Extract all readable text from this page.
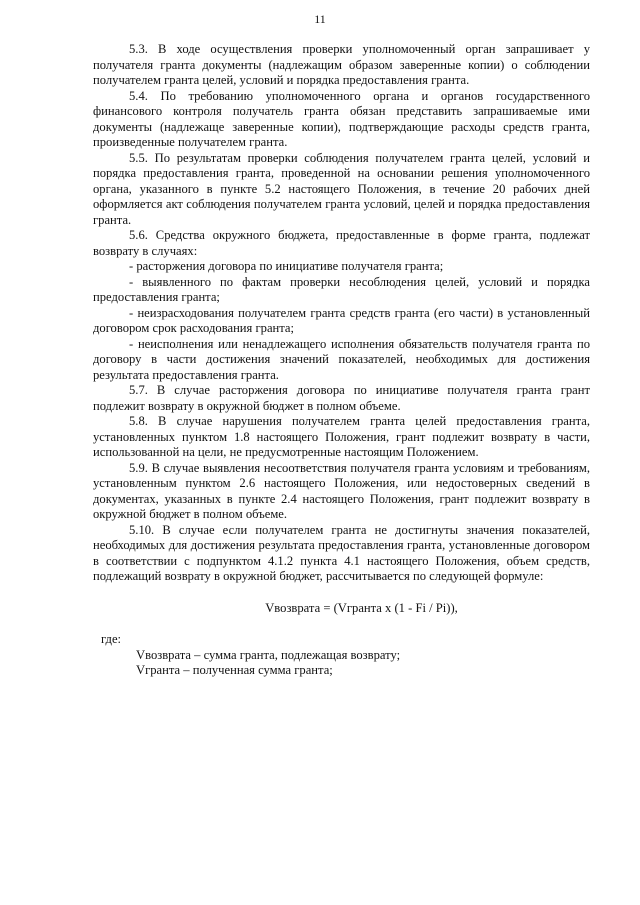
11

5.3. В ходе осуществления проверки уполномоченный орган запрашивает у получателя гранта документы (надлежащим образом заверенные копии) о соблюдении получателем гранта целей, условий и порядка предоставления гранта.

5.4. По требованию уполномоченного органа и органов государственного финансового контроля получатель гранта обязан представить запрашиваемые ими документы (надлежаще заверенные копии), подтверждающие расходы средств гранта, произведенные получателем гранта.

5.5. По результатам проверки соблюдения получателем гранта целей, условий и порядка предоставления гранта, проведенной на основании решения уполномоченного органа, указанного в пункте 5.2 настоящего Положения, в течение 20 рабочих дней оформляется акт соблюдения получателем гранта условий, целей и порядка предоставления гранта.

5.6. Средства окружного бюджета, предоставленные в форме гранта, подлежат возврату в случаях:

- расторжения договора по инициативе получателя гранта;

- выявленного по фактам проверки несоблюдения целей, условий и порядка предоставления гранта;

- неизрасходования получателем гранта средств гранта (его части) в установленный договором срок расходования гранта;

- неисполнения или ненадлежащего исполнения обязательств получателя гранта по договору в части достижения значений показателей, необходимых для достижения результата предоставления гранта.

5.7. В случае расторжения договора по инициативе получателя гранта грант подлежит возврату в окружной бюджет в полном объеме.

5.8. В случае нарушения получателем гранта целей предоставления гранта, установленных пунктом 1.8 настоящего Положения, грант подлежит возврату в части, использованной на цели, не предусмотренные настоящим Положением.

5.9. В случае выявления несоответствия получателя гранта условиям и требованиям, установленным пунктом 2.6 настоящего Положения, или недостоверных сведений в документах, указанных в пункте 2.4 настоящего Положения, грант подлежит возврату в окружной бюджет в полном объеме.

5.10. В случае если получателем гранта не достигнуты значения показателей, необходимых для достижения результата предоставления гранта, установленные договором в соответствии с подпунктом 4.1.2 пункта 4.1 настоящего Положения, объем средств, подлежащий возврату в окружной бюджет, рассчитывается по следующей формуле:

Vвозврата = (Vгранта x (1 - Fi / Pi)),

где:

Vвозврата – сумма гранта, подлежащая возврату;

Vгранта – полученная сумма гранта;
